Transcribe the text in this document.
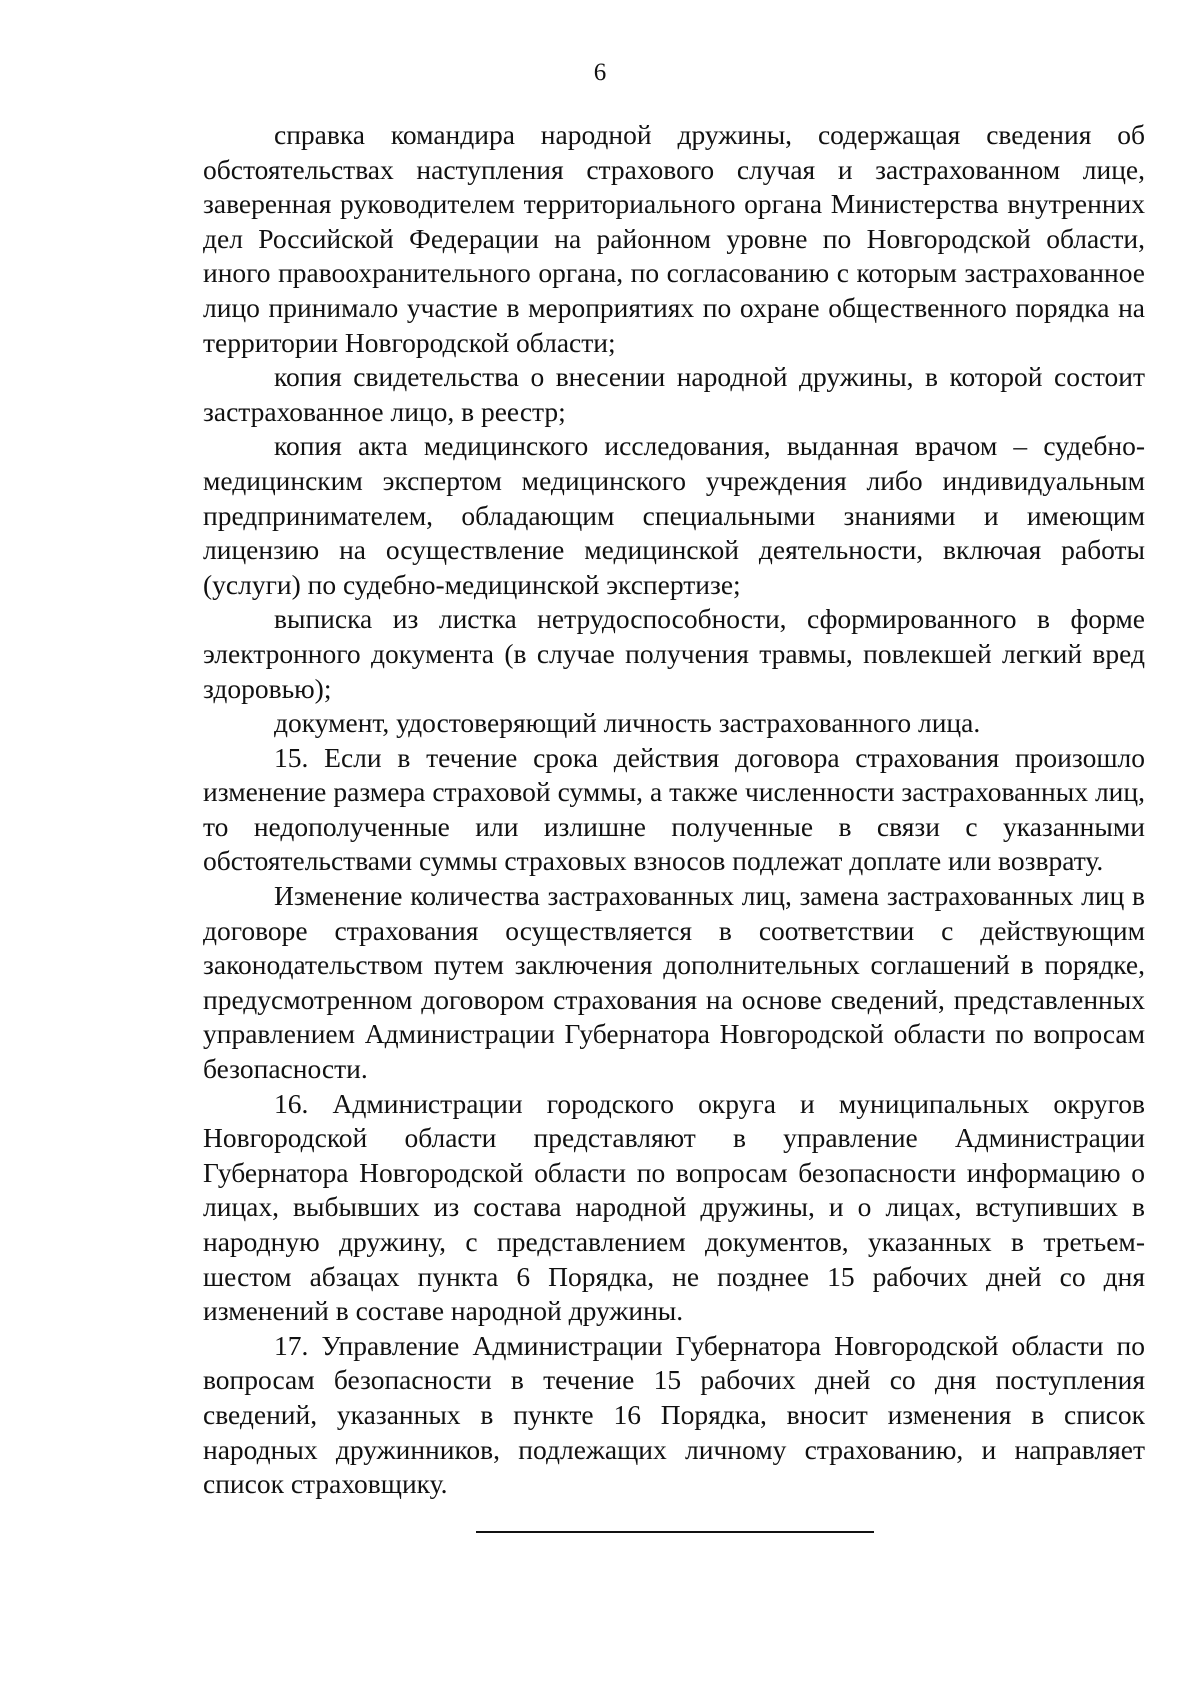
6

справка командира народной дружины, содержащая сведения об обстоятельствах наступления страхового случая и застрахованном лице, заверенная руководителем территориального органа Министерства внутренних дел Российской Федерации на районном уровне по Новгородской области, иного правоохранительного органа, по согласованию с которым застрахованное лицо принимало участие в мероприятиях по охране общественного порядка на территории Новгородской области;

копия свидетельства о внесении народной дружины, в которой состоит застрахованное лицо, в реестр;

копия акта медицинского исследования, выданная врачом – судебно-медицинским экспертом медицинского учреждения либо индивидуальным предпринимателем, обладающим специальными знаниями и имеющим лицензию на осуществление медицинской деятельности, включая работы (услуги) по судебно-медицинской экспертизе;

выписка из листка нетрудоспособности, сформированного в форме электронного документа (в случае получения травмы, повлекшей легкий вред здоровью);

документ, удостоверяющий личность застрахованного лица.

15. Если в течение срока действия договора страхования произошло изменение размера страховой суммы, а также численности застрахованных лиц, то недополученные или излишне полученные в связи с указанными обстоятельствами суммы страховых взносов подлежат доплате или возврату.

Изменение количества застрахованных лиц, замена застрахованных лиц в договоре страхования осуществляется в соответствии с действующим законодательством путем заключения дополнительных соглашений в порядке, предусмотренном договором страхования на основе сведений, представленных управлением Администрации Губернатора Новгородской области по вопросам безопасности.

16. Администрации городского округа и муниципальных округов Новгородской области представляют в управление Администрации Губернатора Новгородской области по вопросам безопасности информацию о лицах, выбывших из состава народной дружины, и о лицах, вступивших в народную дружину, с представлением документов, указанных в третьем-шестом абзацах пункта 6 Порядка, не позднее 15 рабочих дней со дня изменений в составе народной дружины.

17. Управление Администрации Губернатора Новгородской области по вопросам безопасности в течение 15 рабочих дней со дня поступления сведений, указанных в пункте 16 Порядка, вносит изменения в список народных дружинников, подлежащих личному страхованию, и направляет список страховщику.
